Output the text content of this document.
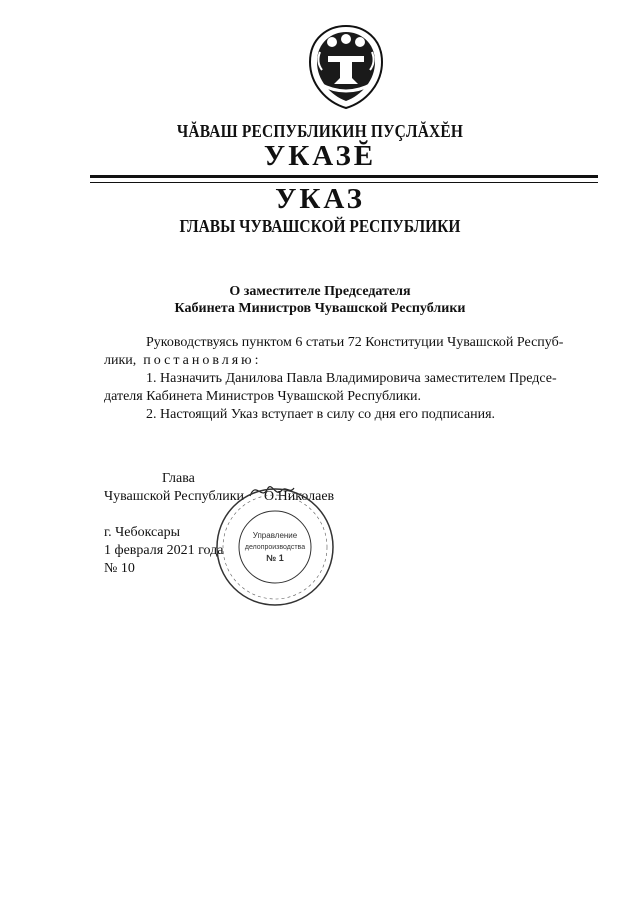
ЧĂВАШ РЕСПУБЛИКИН ПУÇЛĂХĔН
УКАЗĔ
УКАЗ
ГЛАВЫ ЧУВАШСКОЙ РЕСПУБЛИКИ
О заместителе Председателя
Кабинета Министров Чувашской Республики

Руководствуясь пунктом 6 статьи 72 Конституции Чувашской Респуб-

лики, постановляю:

1. Назначить Данилова Павла Владимировича заместителем Предсе-

дателя Кабинета Министров Чувашской Республики.

2. Настоящий Указ вступает в силу со дня его подписания.

Глава
Чувашской Республики О.Николаев
г. Чебоксары
1 февраля 2021 года
№ 10
Управление
делопроизводства
№ 1
